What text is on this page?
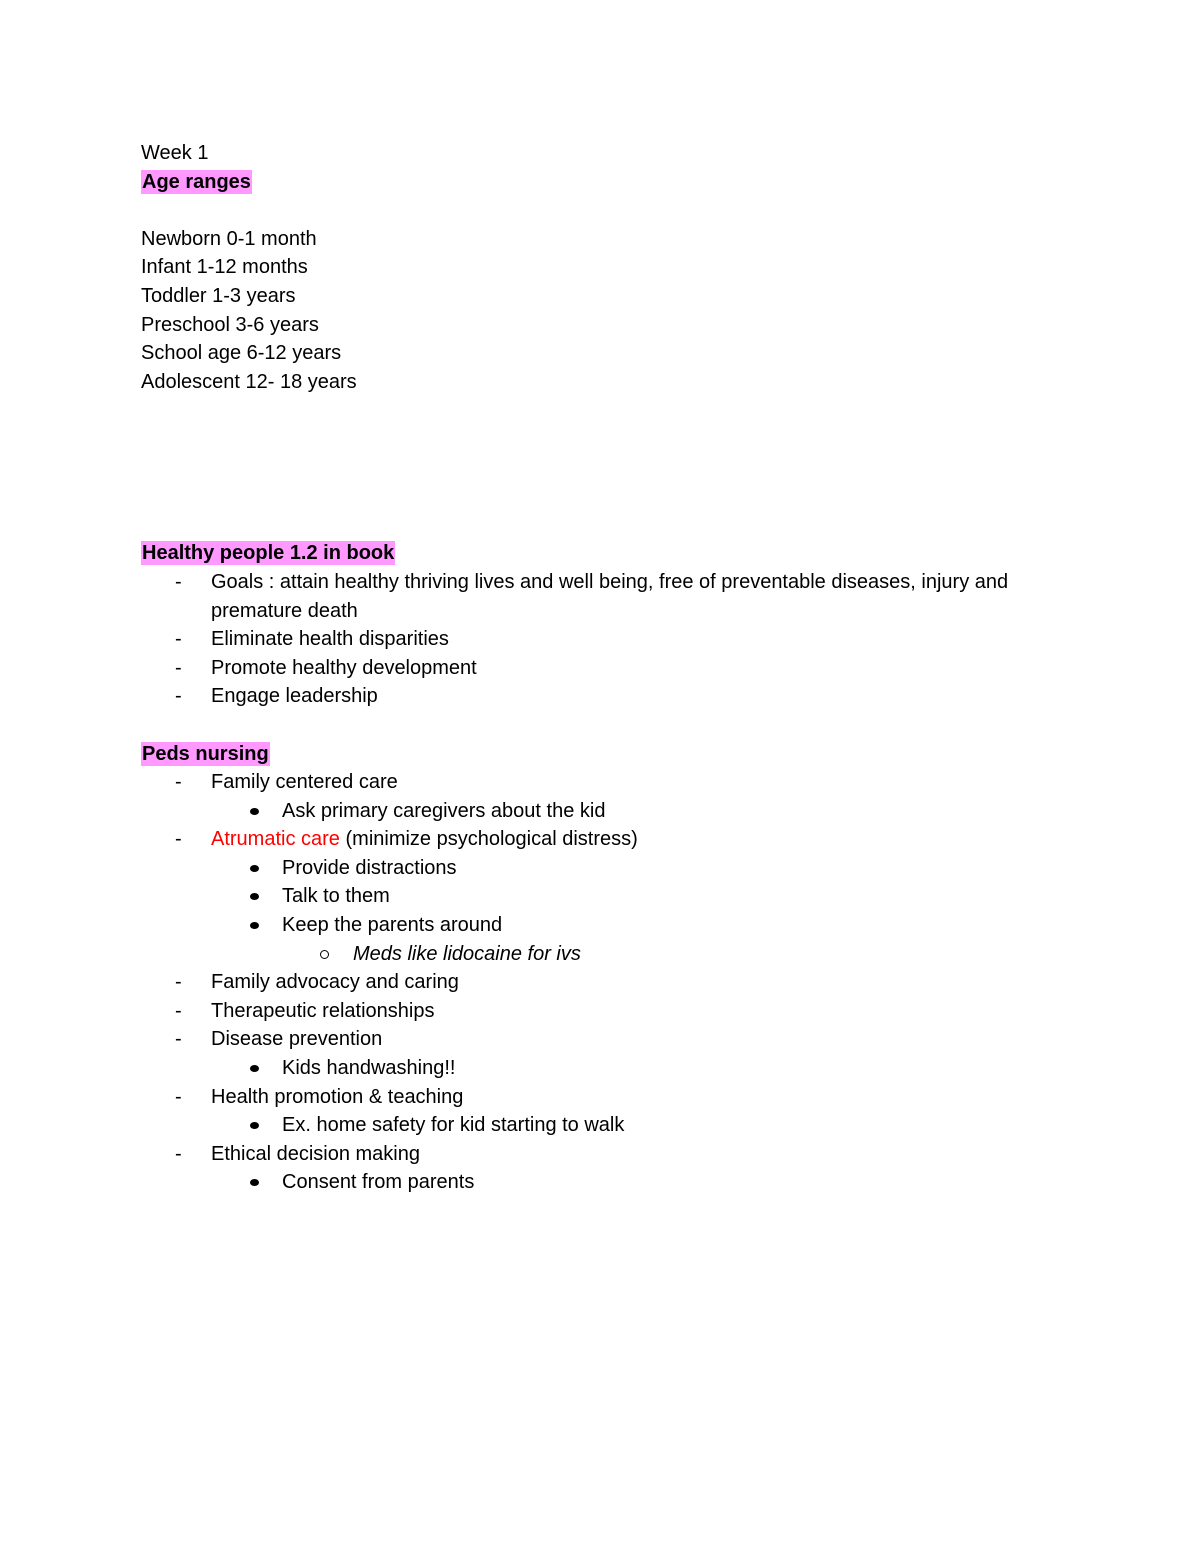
Week 1
Age ranges
Newborn 0-1 month
Infant 1-12 months
Toddler 1-3 years
Preschool 3-6 years
School age 6-12 years
Adolescent 12- 18 years
Healthy people 1.2 in book
- Goals : attain healthy thriving lives and well being, free of preventable diseases, injury and premature death
- Eliminate health disparities
- Promote healthy development
- Engage leadership
Peds nursing
- Family centered care
Ask primary caregivers about the kid
- Atrumatic care (minimize psychological distress)
Provide distractions
Talk to them
Keep the parents around
Meds like lidocaine for ivs
- Family advocacy and caring
- Therapeutic relationships
- Disease prevention
Kids handwashing!!
- Health promotion & teaching
Ex. home safety for kid starting to walk
- Ethical decision making
Consent from parents
